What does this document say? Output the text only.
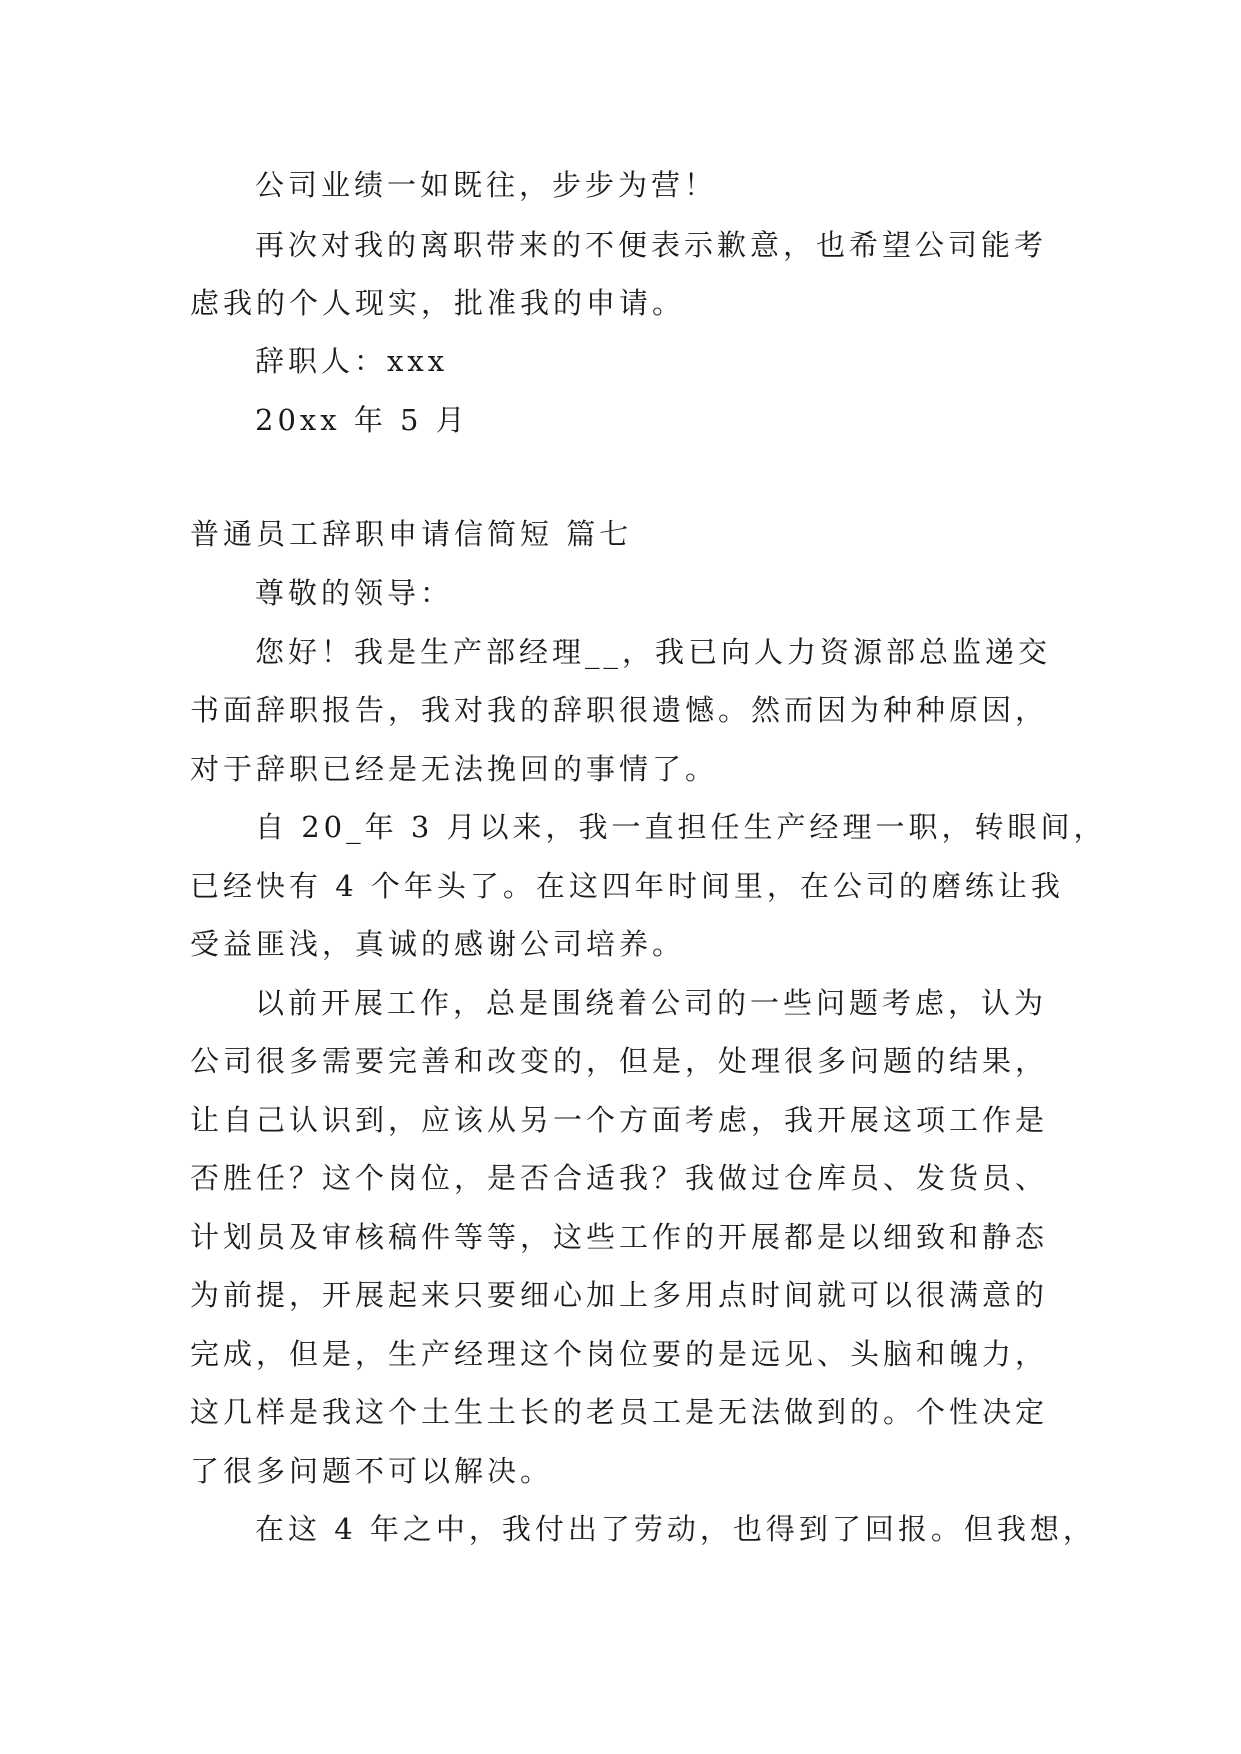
公司业绩一如既往，步步为营！
再次对我的离职带来的不便表示歉意，也希望公司能考
虑我的个人现实，批准我的申请。
辞职人：xxx
20xx 年 5 月
普通员工辞职申请信简短 篇七
尊敬的领导：
您好！我是生产部经理__，我已向人力资源部总监递交
书面辞职报告，我对我的辞职很遗憾。然而因为种种原因，
对于辞职已经是无法挽回的事情了。
自 20_年 3 月以来，我一直担任生产经理一职，转眼间，
已经快有 4 个年头了。在这四年时间里，在公司的磨练让我
受益匪浅，真诚的感谢公司培养。
以前开展工作，总是围绕着公司的一些问题考虑，认为
公司很多需要完善和改变的，但是，处理很多问题的结果，
让自己认识到，应该从另一个方面考虑，我开展这项工作是
否胜任？这个岗位，是否合适我？我做过仓库员、发货员、
计划员及审核稿件等等，这些工作的开展都是以细致和静态
为前提，开展起来只要细心加上多用点时间就可以很满意的
完成，但是，生产经理这个岗位要的是远见、头脑和魄力，
这几样是我这个土生土长的老员工是无法做到的。个性决定
了很多问题不可以解决。
在这 4 年之中，我付出了劳动，也得到了回报。但我想，
